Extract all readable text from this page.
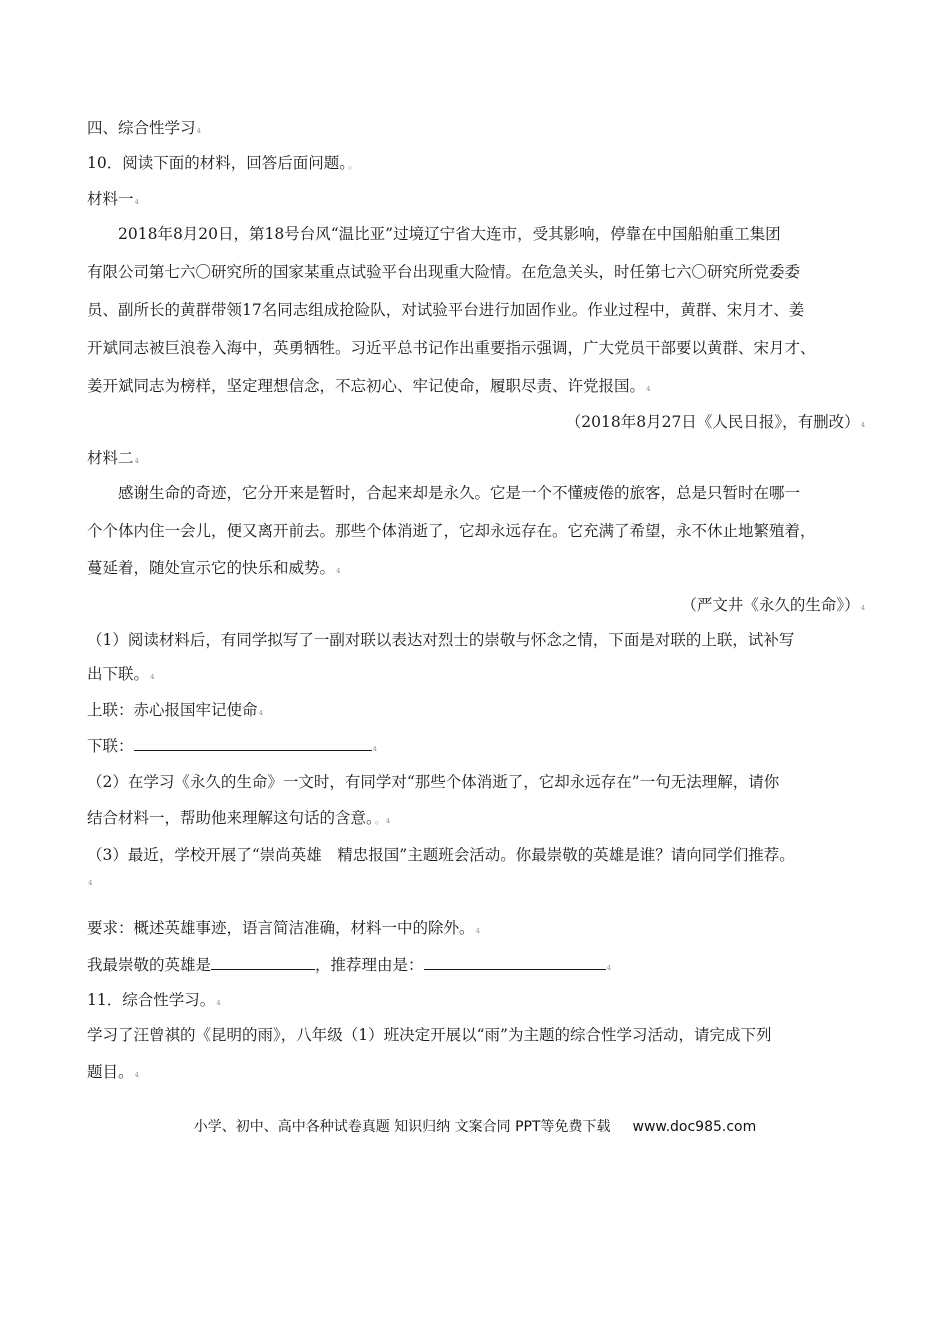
四、综合性学习₄
10．阅读下面的材料，回答后面问题。。
材料一₄
2018年8月20日，第18号台风“温比亚”过境辽宁省大连市，受其影响，停靠在中国船舶重工集团
有限公司第七六〇研究所的国家某重点试验平台出现重大险情。在危急关头，时任第七六〇研究所党委委
员、副所长的黄群带领17名同志组成抢险队，对试验平台进行加固作业。作业过程中，黄群、宋月才、姜
开斌同志被巨浪卷入海中，英勇牺牲。习近平总书记作出重要指示强调，广大党员干部要以黄群、宋月才、
姜开斌同志为榜样，坚定理想信念，不忘初心、牢记使命，履职尽责、许党报国。₄
（2018年8月27日《人民日报》，有删改）₄
材料二₄
感谢生命的奇迹，它分开来是暂时，合起来却是永久。它是一个不懂疲倦的旅客，总是只暂时在哪一
个个体内住一会儿，便又离开前去。那些个体消逝了，它却永远存在。它充满了希望，永不休止地繁殖着，
蔓延着，随处宣示它的快乐和威势。₄
（严文井《永久的生命》）₄
（1）阅读材料后，有同学拟写了一副对联以表达对烈士的崇敬与怀念之情，下面是对联的上联，试补写
出下联。₄
上联：赤心报国牢记使命₄
下联：	₄
（2）在学习《永久的生命》一文时，有同学对“那些个体消逝了，它却永远存在”一句无法理解，请你
结合材料一，帮助他来理解这句话的含意。。₄
（3）最近，学校开展了“崇尚英雄　精忠报国”主题班会活动。你最崇敬的英雄是谁？请向同学们推荐。
₄
要求：概述英雄事迹，语言简洁准确，材料一中的除外。₄
我最崇敬的英雄是	，推荐理由是：	₄
11．综合性学习。₄
学习了汪曾祺的《昆明的雨》，八年级（1）班决定开展以“雨”为主题的综合性学习活动，请完成下列
题目。₄
小学、初中、高中各种试卷真题 知识归纳 文案合同 PPT等免费下载 www.doc985.com
